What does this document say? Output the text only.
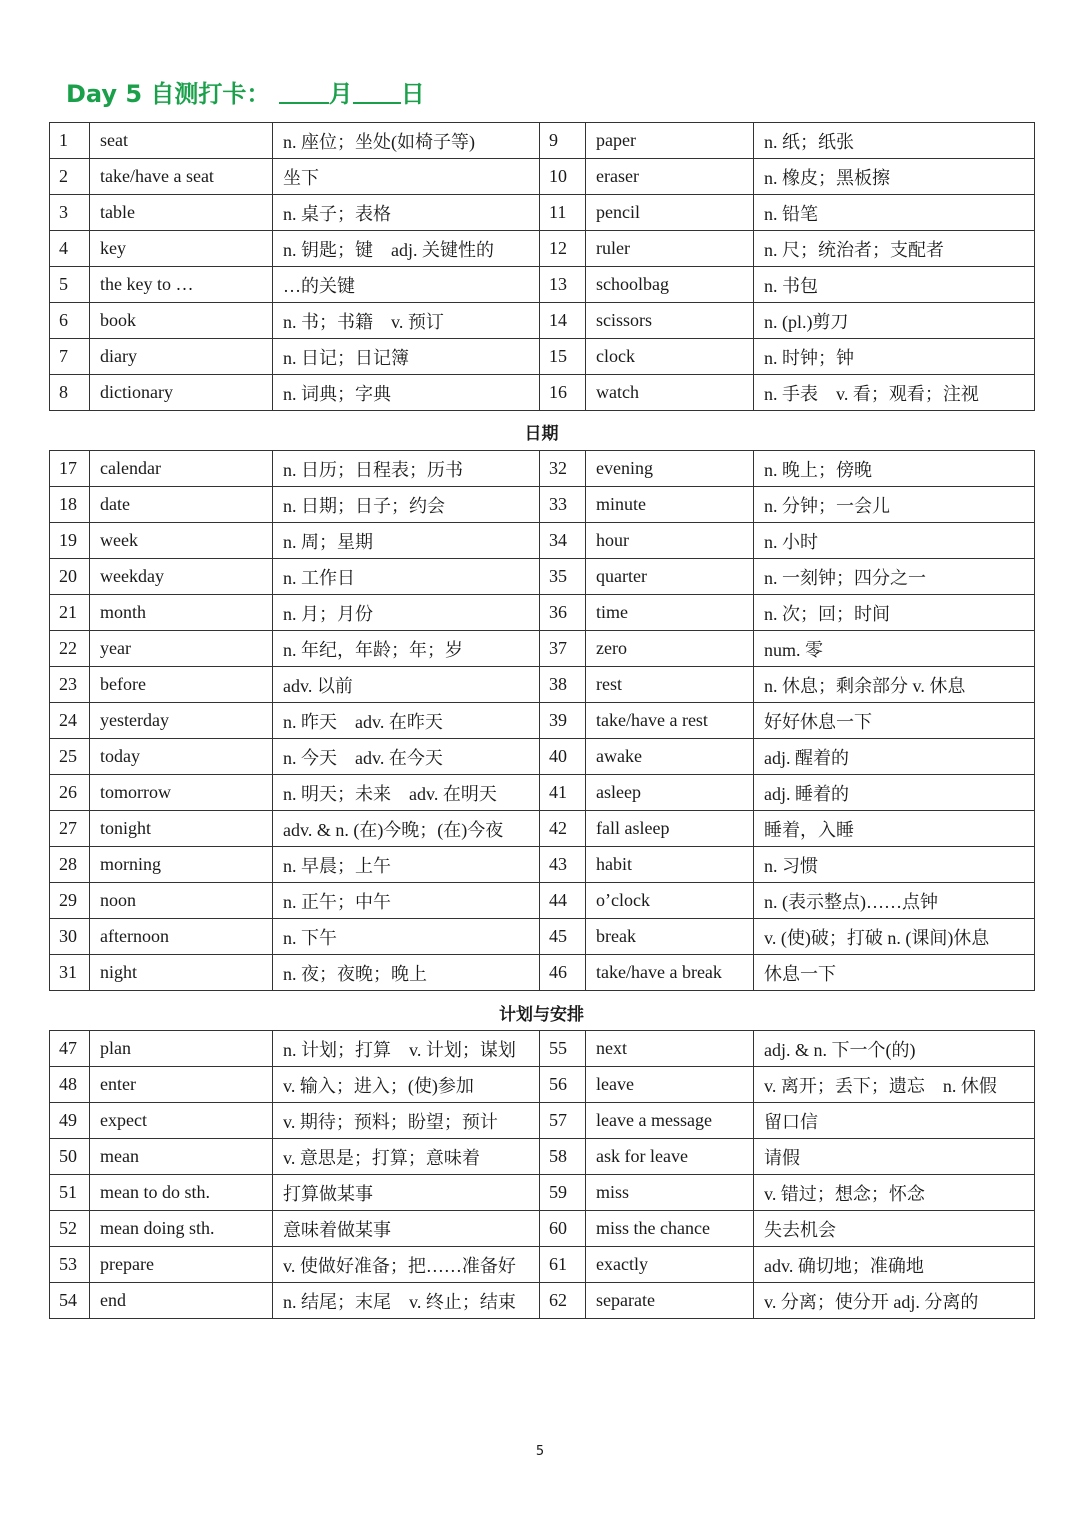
Day 5 自测打卡： 月 日
1	seat	n. 座位；坐处(如椅子等)	9	paper	n. 纸；纸张
2	take/have a seat	坐下	10	eraser	n. 橡皮；黑板擦
3	table	n. 桌子；表格	11	pencil	n. 铅笔
4	key	n. 钥匙；键　adj. 关键性的	12	ruler	n. 尺；统治者；支配者
5	the key to …	…的关键	13	schoolbag	n. 书包
6	book	n. 书；书籍　v. 预订	14	scissors	n. (pl.)剪刀
7	diary	n. 日记；日记簿	15	clock	n. 时钟；钟
8	dictionary	n. 词典；字典	16	watch	n. 手表　v. 看；观看；注视
日期
17	calendar	n. 日历；日程表；历书	32	evening	n. 晚上；傍晚
18	date	n. 日期；日子；约会	33	minute	n. 分钟；一会儿
19	week	n. 周；星期	34	hour	n. 小时
20	weekday	n. 工作日	35	quarter	n. 一刻钟；四分之一
21	month	n. 月；月份	36	time	n. 次；回；时间
22	year	n. 年纪，年龄；年；岁	37	zero	num. 零
23	before	adv. 以前	38	rest	n. 休息；剩余部分 v. 休息
24	yesterday	n. 昨天　adv. 在昨天	39	take/have a rest	好好休息一下
25	today	n. 今天　adv. 在今天	40	awake	adj. 醒着的
26	tomorrow	n. 明天；未来　adv. 在明天	41	asleep	adj. 睡着的
27	tonight	adv. & n. (在)今晚；(在)今夜	42	fall asleep	睡着，入睡
28	morning	n. 早晨；上午	43	habit	n. 习惯
29	noon	n. 正午；中午	44	o’clock	n. (表示整点)……点钟
30	afternoon	n. 下午	45	break	v. (使)破；打破 n. (课间)休息
31	night	n. 夜；夜晚；晚上	46	take/have a break	休息一下
计划与安排
47	plan	n. 计划；打算　v. 计划；谋划	55	next	adj. & n. 下一个(的)
48	enter	v. 输入；进入；(使)参加	56	leave	v. 离开；丢下；遗忘　n. 休假
49	expect	v. 期待；预料；盼望；预计	57	leave a message	留口信
50	mean	v. 意思是；打算；意味着	58	ask for leave	请假
51	mean to do sth.	打算做某事	59	miss	v. 错过；想念；怀念
52	mean doing sth.	意味着做某事	60	miss the chance	失去机会
53	prepare	v. 使做好准备；把……准备好	61	exactly	adv. 确切地；准确地
54	end	n. 结尾；末尾　v. 终止；结束	62	separate	v. 分离；使分开 adj. 分离的
5
